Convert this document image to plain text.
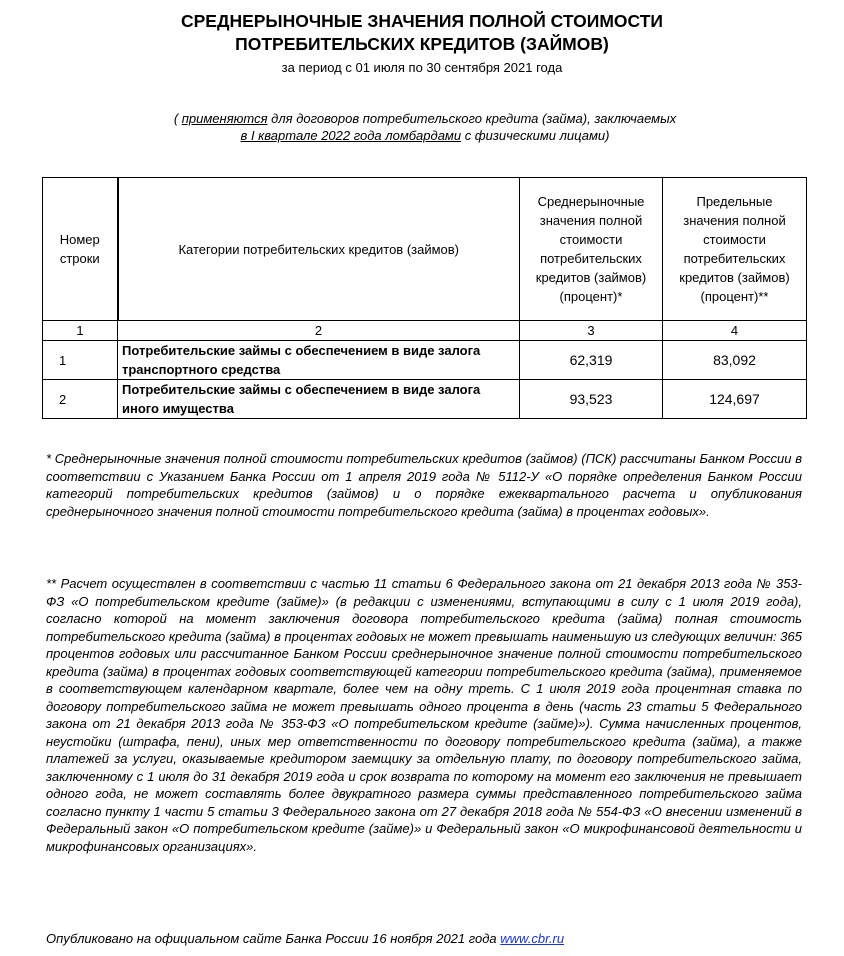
СРЕДНЕРЫНОЧНЫЕ ЗНАЧЕНИЯ ПОЛНОЙ СТОИМОСТИ
ПОТРЕБИТЕЛЬСКИХ КРЕДИТОВ (ЗАЙМОВ)
за период с 01 июля по 30 сентября 2021 года
( применяются для договоров потребительского кредита (займа), заключаемых
в I квартале 2022 года ломбардами с физическими лицами)
Номер строки	Категории потребительских кредитов (займов)	Среднерыночные значения полной стоимости потребительских кредитов (займов) (процент)*	Предельные значения полной стоимости потребительских кредитов (займов) (процент)**

1	2	3	4
1	Потребительские займы с обеспечением в виде залога транспортного средства	62,319	83,092
2	Потребительские займы с обеспечением в виде залога иного имущества	93,523	124,697
* Среднерыночные значения полной стоимости потребительских кредитов (займов) (ПСК) рассчитаны Банком России в соответствии с Указанием Банка России от 1 апреля 2019 года № 5112-У «О порядке определения Банком России категорий потребительских кредитов (займов) и о порядке ежеквартального расчета и опубликования среднерыночного значения полной стоимости потребительского кредита (займа) в процентах годовых».
** Расчет осуществлен в соответствии с частью 11 статьи 6 Федерального закона от 21 декабря 2013 года № 353-ФЗ «О потребительском кредите (займе)» (в редакции с изменениями, вступающими в силу с 1 июля 2019 года), согласно которой на момент заключения договора потребительского кредита (займа) полная стоимость потребительского кредита (займа) в процентах годовых не может превышать наименьшую из следующих величин: 365 процентов годовых или рассчитанное Банком России среднерыночное значение полной стоимости потребительского кредита (займа) в процентах годовых соответствующей категории потребительского кредита (займа), применяемое в соответствующем календарном квартале, более чем на одну треть. С 1 июля 2019 года процентная ставка по договору потребительского займа не может превышать одного процента в день (часть 23 статьи 5 Федерального закона от 21 декабря 2013 года № 353-ФЗ «О потребительском кредите (займе)»). Сумма начисленных процентов, неустойки (штрафа, пени), иных мер ответственности по договору потребительского кредита (займа), а также платежей за услуги, оказываемые кредитором заемщику за отдельную плату, по договору потребительского займа, заключенному с 1 июля до 31 декабря 2019 года и срок возврата по которому на момент его заключения не превышает одного года, не может составлять более двукратного размера суммы представленного потребительского займа согласно пункту 1 части 5 статьи 3 Федерального закона от 27 декабря 2018 года № 554-ФЗ «О внесении изменений в Федеральный закон «О потребительском кредите (займе)» и Федеральный закон «О микрофинансовой деятельности и микрофинансовых организациях».
Опубликовано на официальном сайте Банка России 16 ноября 2021 года www.cbr.ru
